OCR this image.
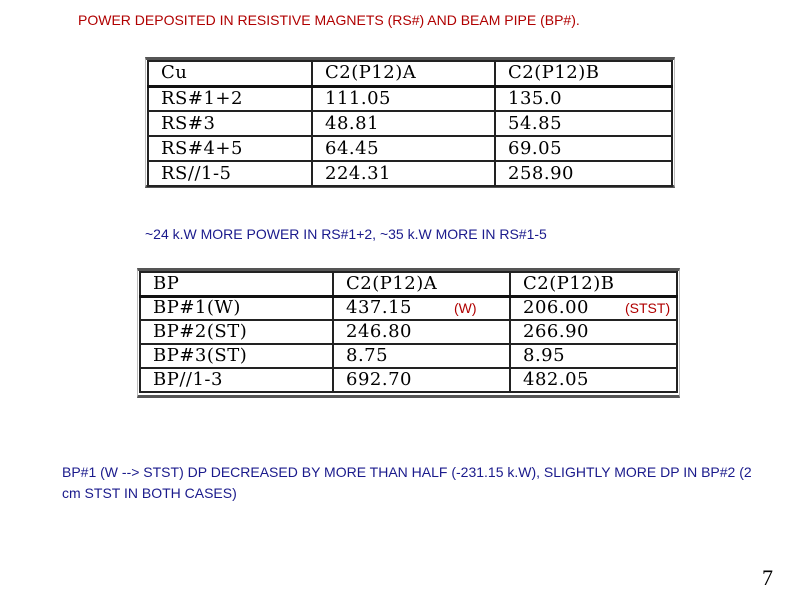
POWER DEPOSITED IN RESISTIVE MAGNETS (RS#) AND BEAM PIPE (BP#).
Cu	C2(P12)A	C2(P12)B
RS#1+2	111.05	135.0
RS#3	48.81	54.85
RS#4+5	64.45	69.05
RS//1-5	224.31	258.90
~24 k.W MORE POWER IN RS#1+2, ~35 k.W MORE IN RS#1-5
BP	C2(P12)A	C2(P12)B
BP#1(W)	437.15 (W)	206.00 (STST)

BP#2(ST)	246.80	266.90
BP#3(ST)	8.75	8.95
BP//1-3	692.70	482.05
BP#1 (W --> STST) DP DECREASED BY MORE THAN HALF (-231.15 k.W), SLIGHTLY MORE DP IN BP#2 (2 cm STST IN BOTH CASES)
7
